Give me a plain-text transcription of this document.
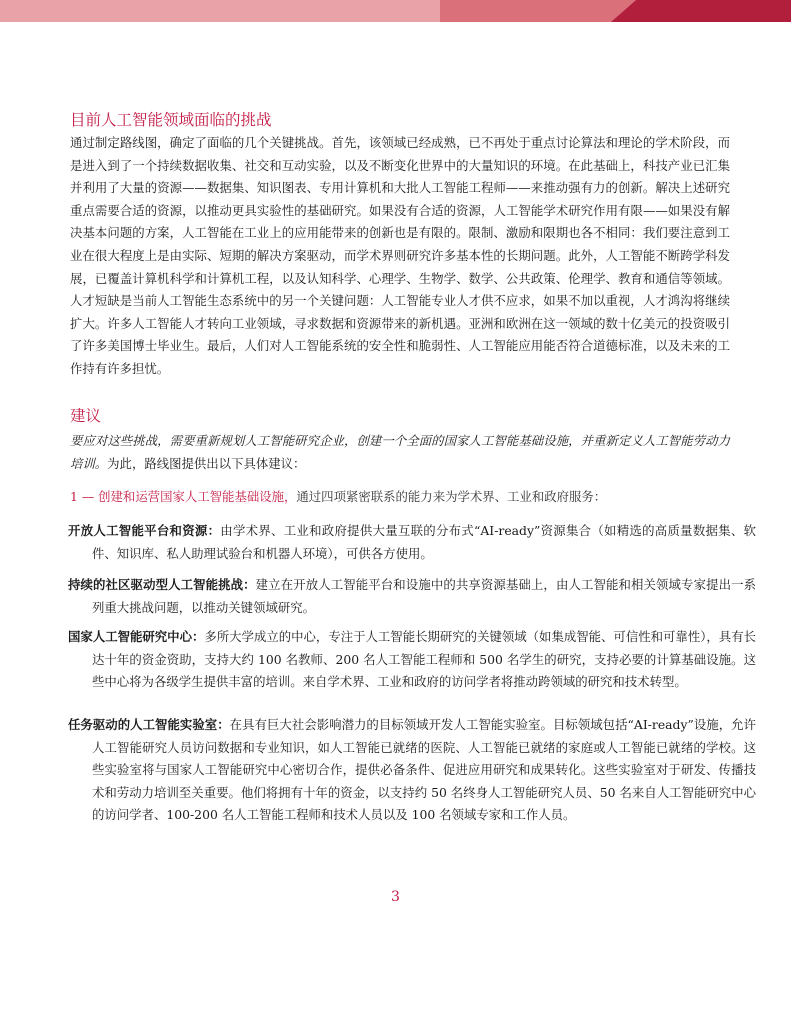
目前人工智能领域面临的挑战

通过制定路线图，确定了面临的几个关键挑战。首先，该领域已经成熟，已不再处于重点讨论算法和理论的学术阶段，而是进入到了一个持续数据收集、社交和互动实验，以及不断变化世界中的大量知识的环境。在此基础上，科技产业已汇集并利用了大量的资源——数据集、知识图表、专用计算机和大批人工智能工程师——来推动强有力的创新。解决上述研究重点需要合适的资源，以推动更具实验性的基础研究。如果没有合适的资源，人工智能学术研究作用有限——如果没有解决基本问题的方案，人工智能在工业上的应用能带来的创新也是有限的。限制、激励和限期也各不相同：我们要注意到工业在很大程度上是由实际、短期的解决方案驱动，而学术界则研究许多基本性的长期问题。此外，人工智能不断跨学科发展，已覆盖计算机科学和计算机工程，以及认知科学、心理学、生物学、数学、公共政策、伦理学、教育和通信等领域。人才短缺是当前人工智能生态系统中的另一个关键问题：人工智能专业人才供不应求，如果不加以重视，人才鸿沟将继续扩大。许多人工智能人才转向工业领域，寻求数据和资源带来的新机遇。亚洲和欧洲在这一领域的数十亿美元的投资吸引了许多美国博士毕业生。最后，人们对人工智能系统的安全性和脆弱性、人工智能应用能否符合道德标准，以及未来的工作持有许多担忧。

建议

要应对这些挑战，需要重新规划人工智能研究企业，创建一个全面的国家人工智能基础设施，并重新定义人工智能劳动力培训。为此，路线图提供出以下具体建议：

1 — 创建和运营国家人工智能基础设施，通过四项紧密联系的能力来为学术界、工业和政府服务：

开放人工智能平台和资源：由学术界、工业和政府提供大量互联的分布式“AI-ready”资源集合（如精选的高质量数据集、软件、知识库、私人助理试验台和机器人环境），可供各方使用。

持续的社区驱动型人工智能挑战：建立在开放人工智能平台和设施中的共享资源基础上，由人工智能和相关领域专家提出一系列重大挑战问题，以推动关键领域研究。

国家人工智能研究中心：多所大学成立的中心，专注于人工智能长期研究的关键领域（如集成智能、可信性和可靠性），具有长达十年的资金资助，支持大约 100 名教师、200 名人工智能工程师和 500 名学生的研究，支持必要的计算基础设施。这些中心将为各级学生提供丰富的培训。来自学术界、工业和政府的访问学者将推动跨领域的研究和技术转型。

任务驱动的人工智能实验室：在具有巨大社会影响潜力的目标领域开发人工智能实验室。目标领域包括“AI-ready”设施，允许人工智能研究人员访问数据和专业知识，如人工智能已就绪的医院、人工智能已就绪的家庭或人工智能已就绪的学校。这些实验室将与国家人工智能研究中心密切合作，提供必备条件、促进应用研究和成果转化。这些实验室对于研发、传播技术和劳动力培训至关重要。他们将拥有十年的资金，以支持约 50 名终身人工智能研究人员、50 名来自人工智能研究中心的访问学者、100-200 名人工智能工程师和技术人员以及 100 名领域专家和工作人员。

3
